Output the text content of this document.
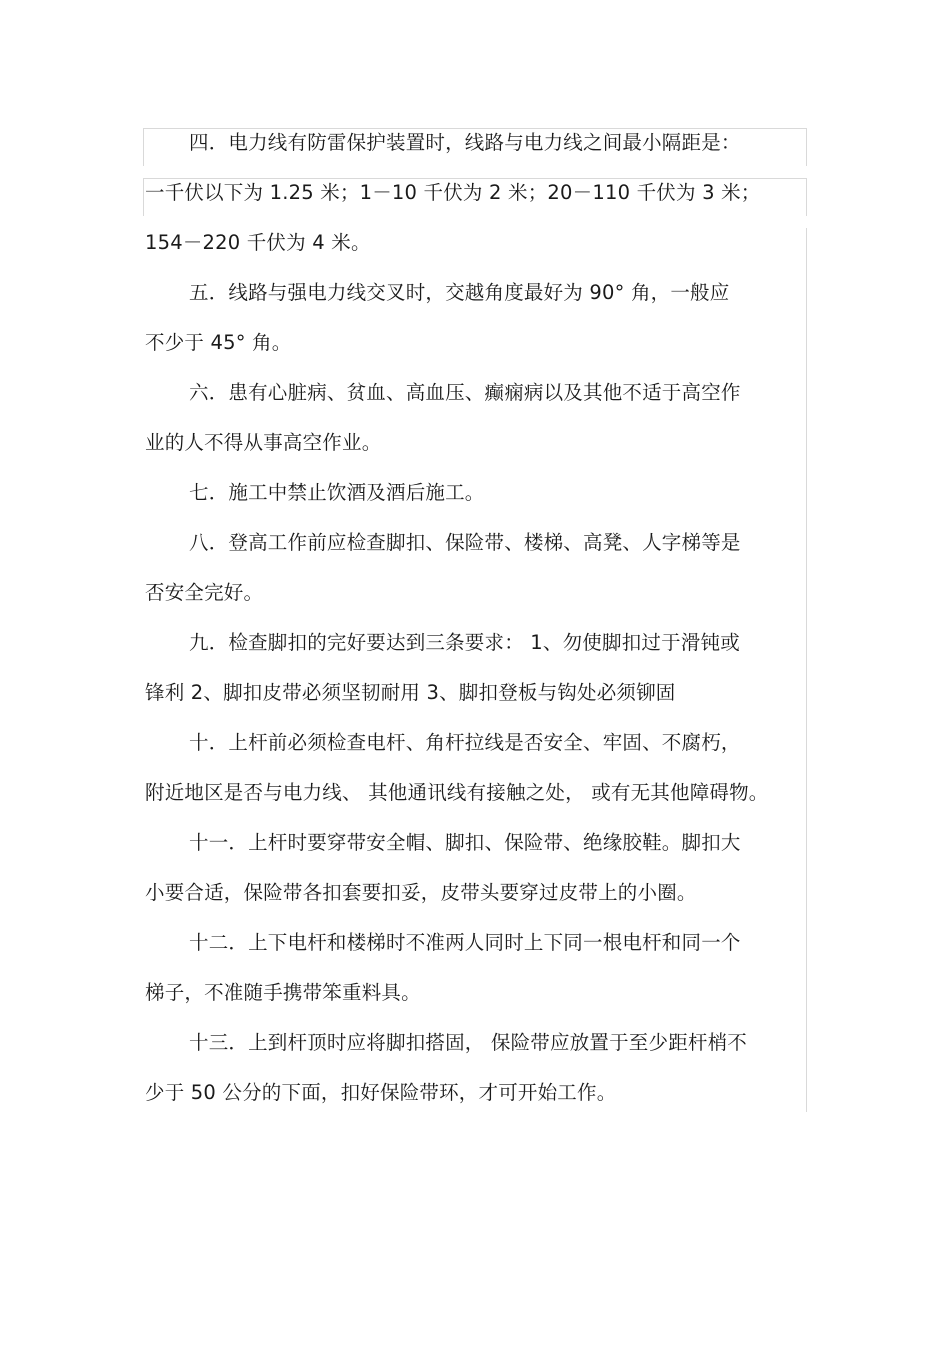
四．电力线有防雷保护装置时，线路与电力线之间最小隔距是：
一千伏以下为 1.25 米；1－10 千伏为 2 米；20－110 千伏为 3 米；
154－220 千伏为 4 米。
五．线路与强电力线交叉时，交越角度最好为 90° 角，一般应
不少于 45° 角。
六．患有心脏病、贫血、高血压、癫痫病以及其他不适于高空作
业的人不得从事高空作业。
七．施工中禁止饮酒及酒后施工。
八．登高工作前应检查脚扣、保险带、楼梯、高凳、人字梯等是
否安全完好。
九．检查脚扣的完好要达到三条要求： 1、勿使脚扣过于滑钝或
锋利 2、脚扣皮带必须坚韧耐用 3、脚扣登板与钩处必须铆固
十．上杆前必须检查电杆、角杆拉线是否安全、牢固、不腐朽，
附近地区是否与电力线、 其他通讯线有接触之处， 或有无其他障碍物。
十一．上杆时要穿带安全帽、脚扣、保险带、绝缘胶鞋。脚扣大
小要合适，保险带各扣套要扣妥，皮带头要穿过皮带上的小圈。
十二．上下电杆和楼梯时不准两人同时上下同一根电杆和同一个
梯子，不准随手携带笨重料具。
十三．上到杆顶时应将脚扣搭固， 保险带应放置于至少距杆梢不
少于 50 公分的下面，扣好保险带环，才可开始工作。
